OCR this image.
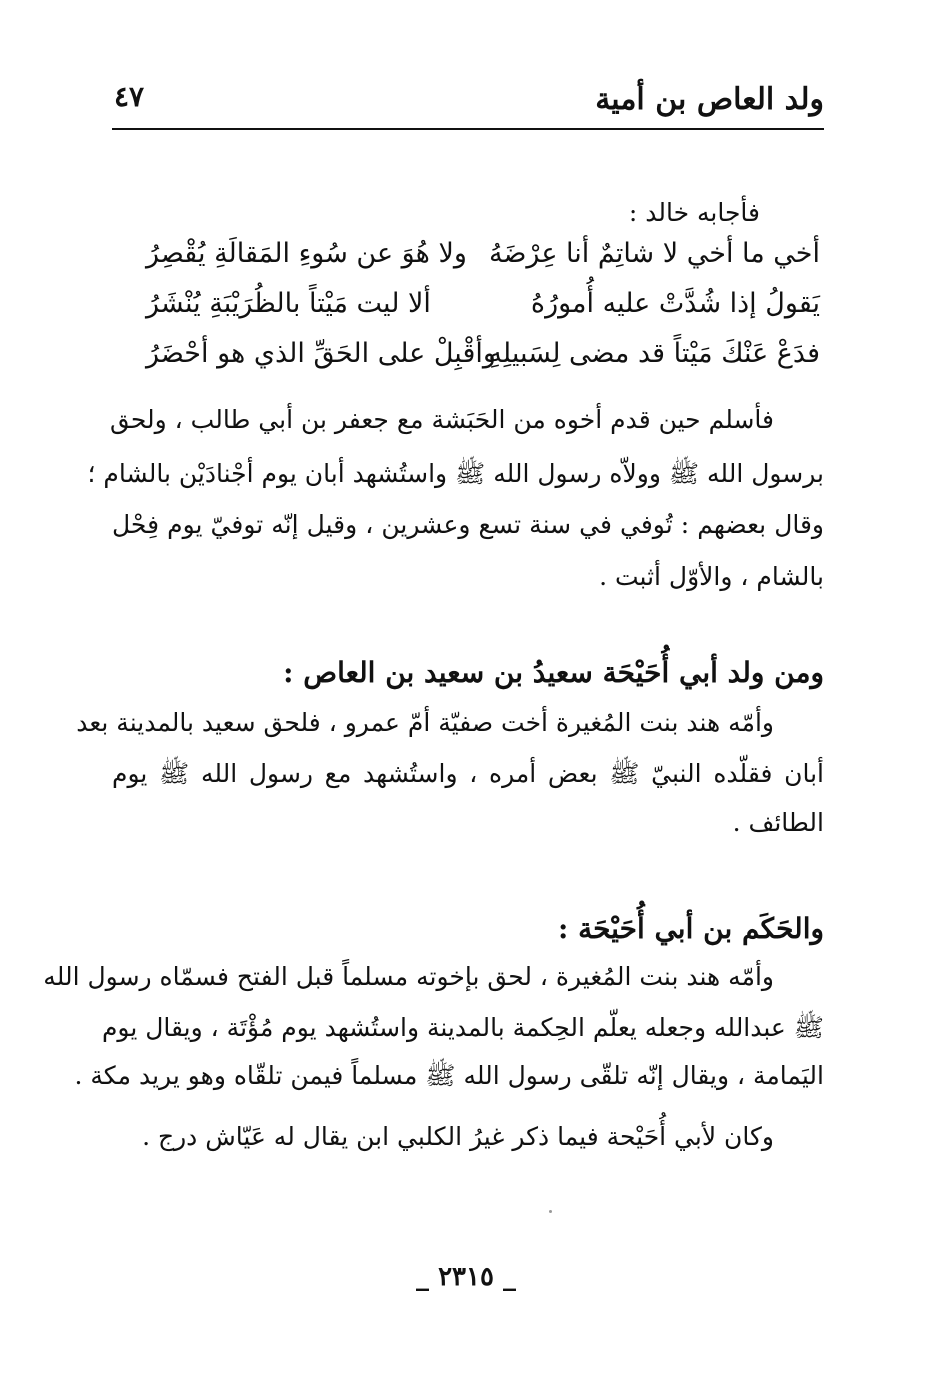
ولد العاص بن أمية
٤٧
فأجابه خالد :
أخي ما أخي لا شاتِمٌ أنا عِرْضَهُ
ولا هُوَ عن سُوءِ المَقالَةِ يُقْصِرُ
يَقولُ إذا شُدَّتْ عليه أُمورُهُ
ألا ليت مَيْتاً بالظُرَيْبَةِ يُنْشَرُ
فدَعْ عَنْكَ مَيْتاً قد مضى لِسَبيلِهِ
وأقْبِلْ على الحَقِّ الذي هو أحْضَرُ
فأسلم حين قدم أخوه من الحَبَشة مع جعفر بن أبي طالب ، ولحق
برسول الله ﷺ وولاّه رسول الله ﷺ واستُشهد أبان يوم أجْنادَيْن بالشام ؛
وقال بعضهم : تُوفي في سنة تسع وعشرين ، وقيل إنّه توفيّ يوم فِحْل
بالشام ، والأوّل أثبت .
ومن ولد أبي أُحَيْحَة سعيدُ بن سعيد بن العاص :
وأمّه هند بنت المُغيرة أخت صفيّة أمّ عمرو ، فلحق سعيد بالمدينة بعد
أبان فقلّده النبيّ ﷺ بعض أمره ، واستُشهد مع رسول الله ﷺ يوم
الطائف .
والحَكَم بن أبي أُحَيْحَة :
وأمّه هند بنت المُغيرة ، لحق بإخوته مسلماً قبل الفتح فسمّاه رسول الله
ﷺ عبدالله وجعله يعلّم الحِكمة بالمدينة واستُشهد يوم مُؤْتَة ، ويقال يوم
اليَمامة ، ويقال إنّه تلقّى رسول الله ﷺ مسلماً فيمن تلقّاه وهو يريد مكة .
وكان لأبي أُحَيْحة فيما ذكر غيرُ الكلبي ابن يقال له عَيّاش درج .
_ ٢٣١٥ _
